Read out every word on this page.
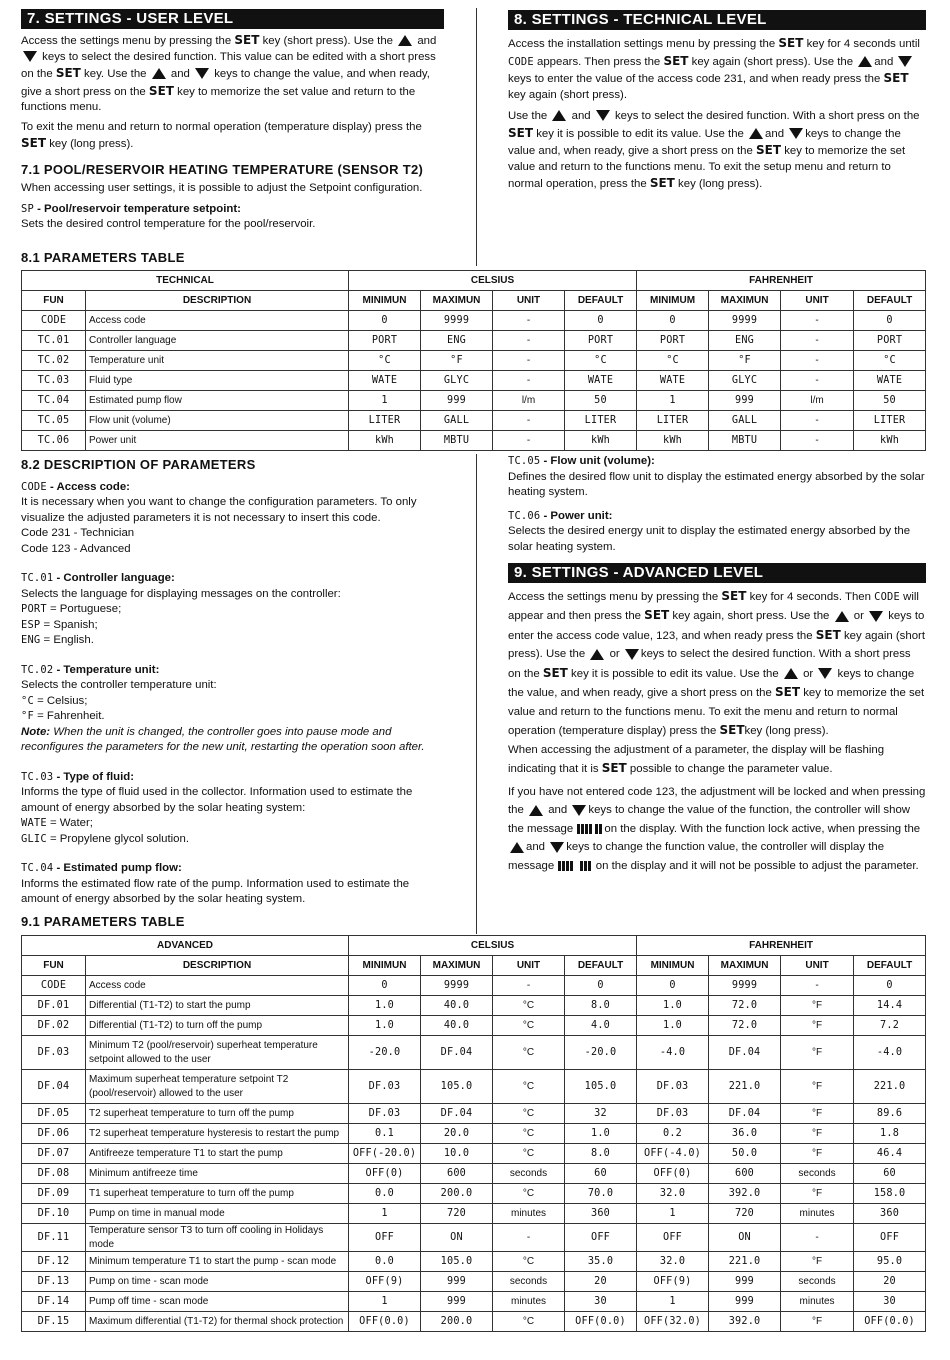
7. SETTINGS - USER LEVEL

Access the settings menu by pressing the SET key (short press). Use the and  keys to select the desired function. This value can be edited with a short press on the SET key. Use the and keys to change the value, and when ready, give a short press on the SET key to memorize the set value and return to the functions menu.

To exit the menu and return to normal operation (temperature display) press the SET key (long press).

7.1 POOL/RESERVOIR HEATING TEMPERATURE (SENSOR T2)

When accessing user settings, it is possible to adjust the Setpoint configuration.

SP - Pool/reservoir temperature setpoint:
Sets the desired control temperature for the pool/reservoir.

8. SETTINGS - TECHNICAL LEVEL

Access the installation settings menu by pressing the SET key for 4 seconds until CODE appears. Then press the SET key again (short press). Use the and keys to enter the value of the access code 231, and when ready press the SET key again (short press).

Use the and keys to select the desired function. With a short press on the SET key it is possible to edit its value. Use the and keys to change the value and, when ready, give a short press on the SET key to memorize the set value and return to the functions menu. To exit the setup menu and return to normal operation, press the SET key (long press).

8.1 PARAMETERS TABLE
TECHNICAL		CELSIUS				FAHRENHEIT			
FUN	DESCRIPTION	MINIMUN	MAXIMUN	UNIT	DEFAULT	MINIMUM	MAXIMUN	UNIT	DEFAULT
CODE	Access code	0	9999	-	0	0	9999	-	0
TC.01	Controller language	PORT	ENG	-	PORT	PORT	ENG	-	PORT
TC.02	Temperature unit	°C	°F	-	°C	°C	°F	-	°C
TC.03	Fluid type	WATE	GLYC	-	WATE	WATE	GLYC	-	WATE
TC.04	Estimated pump flow	1	999	l/m	50	1	999	l/m	50
TC.05	Flow unit (volume)	LITER	GALL	-	LITER	LITER	GALL	-	LITER
TC.06	Power unit	kWh	MBTU	-	kWh	kWh	MBTU	-	kWh
8.2 DESCRIPTION OF PARAMETERS

CODE - Access code:
It is necessary when you want to change the configuration parameters. To only visualize the adjusted parameters it is not necessary to insert this code.
Code 231 - Technician
Code 123 - Advanced

TC.01 - Controller language:
Selects the language for displaying messages on the controller:
PORT = Portuguese;
ESP = Spanish;
ENG = English.

TC.02 - Temperature unit:
Selects the controller temperature unit:
°C = Celsius;
°F = Fahrenheit.
Note: When the unit is changed, the controller goes into pause mode and reconfigures the parameters for the new unit, restarting the operation soon after.

TC.03 - Type of fluid:
Informs the type of fluid used in the collector. Information used to estimate the amount of energy absorbed by the solar heating system:
WATE = Water;
GLIC = Propylene glycol solution.

TC.04 - Estimated pump flow:
Informs the estimated flow rate of the pump. Information used to estimate the amount of energy absorbed by the solar heating system.

TC.05 - Flow unit (volume):
Defines the desired flow unit to display the estimated energy absorbed by the solar heating system.

TC.06 - Power unit:
Selects the desired energy unit to display the estimated energy absorbed by the solar heating system.

9. SETTINGS - ADVANCED LEVEL

Access the settings menu by pressing the SET key for 4 seconds. Then CODE will appear and then press the SET key again, short press. Use the or keys to enter the access code value, 123, and when ready press the SET key again (short press). Use the or keys to select the desired function. With a short press on the SET key it is possible to edit its value. Use the or keys to change the value, and when ready, give a short press on the SET key to memorize the set value and return to the functions menu. To exit the menu and return to normal operation (temperature display) press the SETkey (long press).

When accessing the adjustment of a parameter, the display will be flashing indicating that it is SET possible to change the parameter value.

If you have not entered code 123, the adjustment will be locked and when pressing the and keys to change the value of the function, the controller will show the message	on the display. With the function lock active, when pressing the and keys to change the function value, the controller will display the message	on the display and it will not be possible to adjust the parameter.

9.1 PARAMETERS TABLE
ADVANCED		CELSIUS				FAHRENHEIT			
FUN	DESCRIPTION	MINIMUN	MAXIMUN	UNIT	DEFAULT	MINIMUN	MAXIMUN	UNIT	DEFAULT
CODE	Access code	0	9999	-	0	0	9999	-	0
DF.01	Differential (T1-T2) to start the pump	1.0	40.0	°C	8.0	1.0	72.0	°F	14.4
DF.02	Differential (T1-T2) to turn off the pump	1.0	40.0	°C	4.0	1.0	72.0	°F	7.2
DF.03	Minimum T2 (pool/reservoir) superheat temperature setpoint allowed to the user	-20.0	DF.04	°C	-20.0	-4.0	DF.04	°F	-4.0
DF.04	Maximum superheat temperature setpoint T2 (pool/reservoir) allowed to the user	DF.03	105.0	°C	105.0	DF.03	221.0	°F	221.0
DF.05	T2 superheat temperature to turn off the pump	DF.03	DF.04	°C	32	DF.03	DF.04	°F	89.6
DF.06	T2 superheat temperature hysteresis to restart the pump	0.1	20.0	°C	1.0	0.2	36.0	°F	1.8
DF.07	Antifreeze temperature T1 to start the pump	OFF(-20.0)	10.0	°C	8.0	OFF(-4.0)	50.0	°F	46.4
DF.08	Minimum antifreeze time	OFF(0)	600	seconds	60	OFF(0)	600	seconds	60
DF.09	T1 superheat temperature to turn off the pump	0.0	200.0	°C	70.0	32.0	392.0	°F	158.0
DF.10	Pump on time in manual mode	1	720	minutes	360	1	720	minutes	360
DF.11	Temperature sensor T3 to turn off cooling in Holidays mode	OFF	ON	-	OFF	OFF	ON	-	OFF
DF.12	Minimum temperature T1 to start the pump - scan mode	0.0	105.0	°C	35.0	32.0	221.0	°F	95.0
DF.13	Pump on time - scan mode	OFF(9)	999	seconds	20	OFF(9)	999	seconds	20
DF.14	Pump off time - scan mode	1	999	minutes	30	1	999	minutes	30
DF.15	Maximum differential (T1-T2) for thermal shock protection	OFF(0.0)	200.0	°C	OFF(0.0)	OFF(32.0)	392.0	°F	OFF(0.0)
